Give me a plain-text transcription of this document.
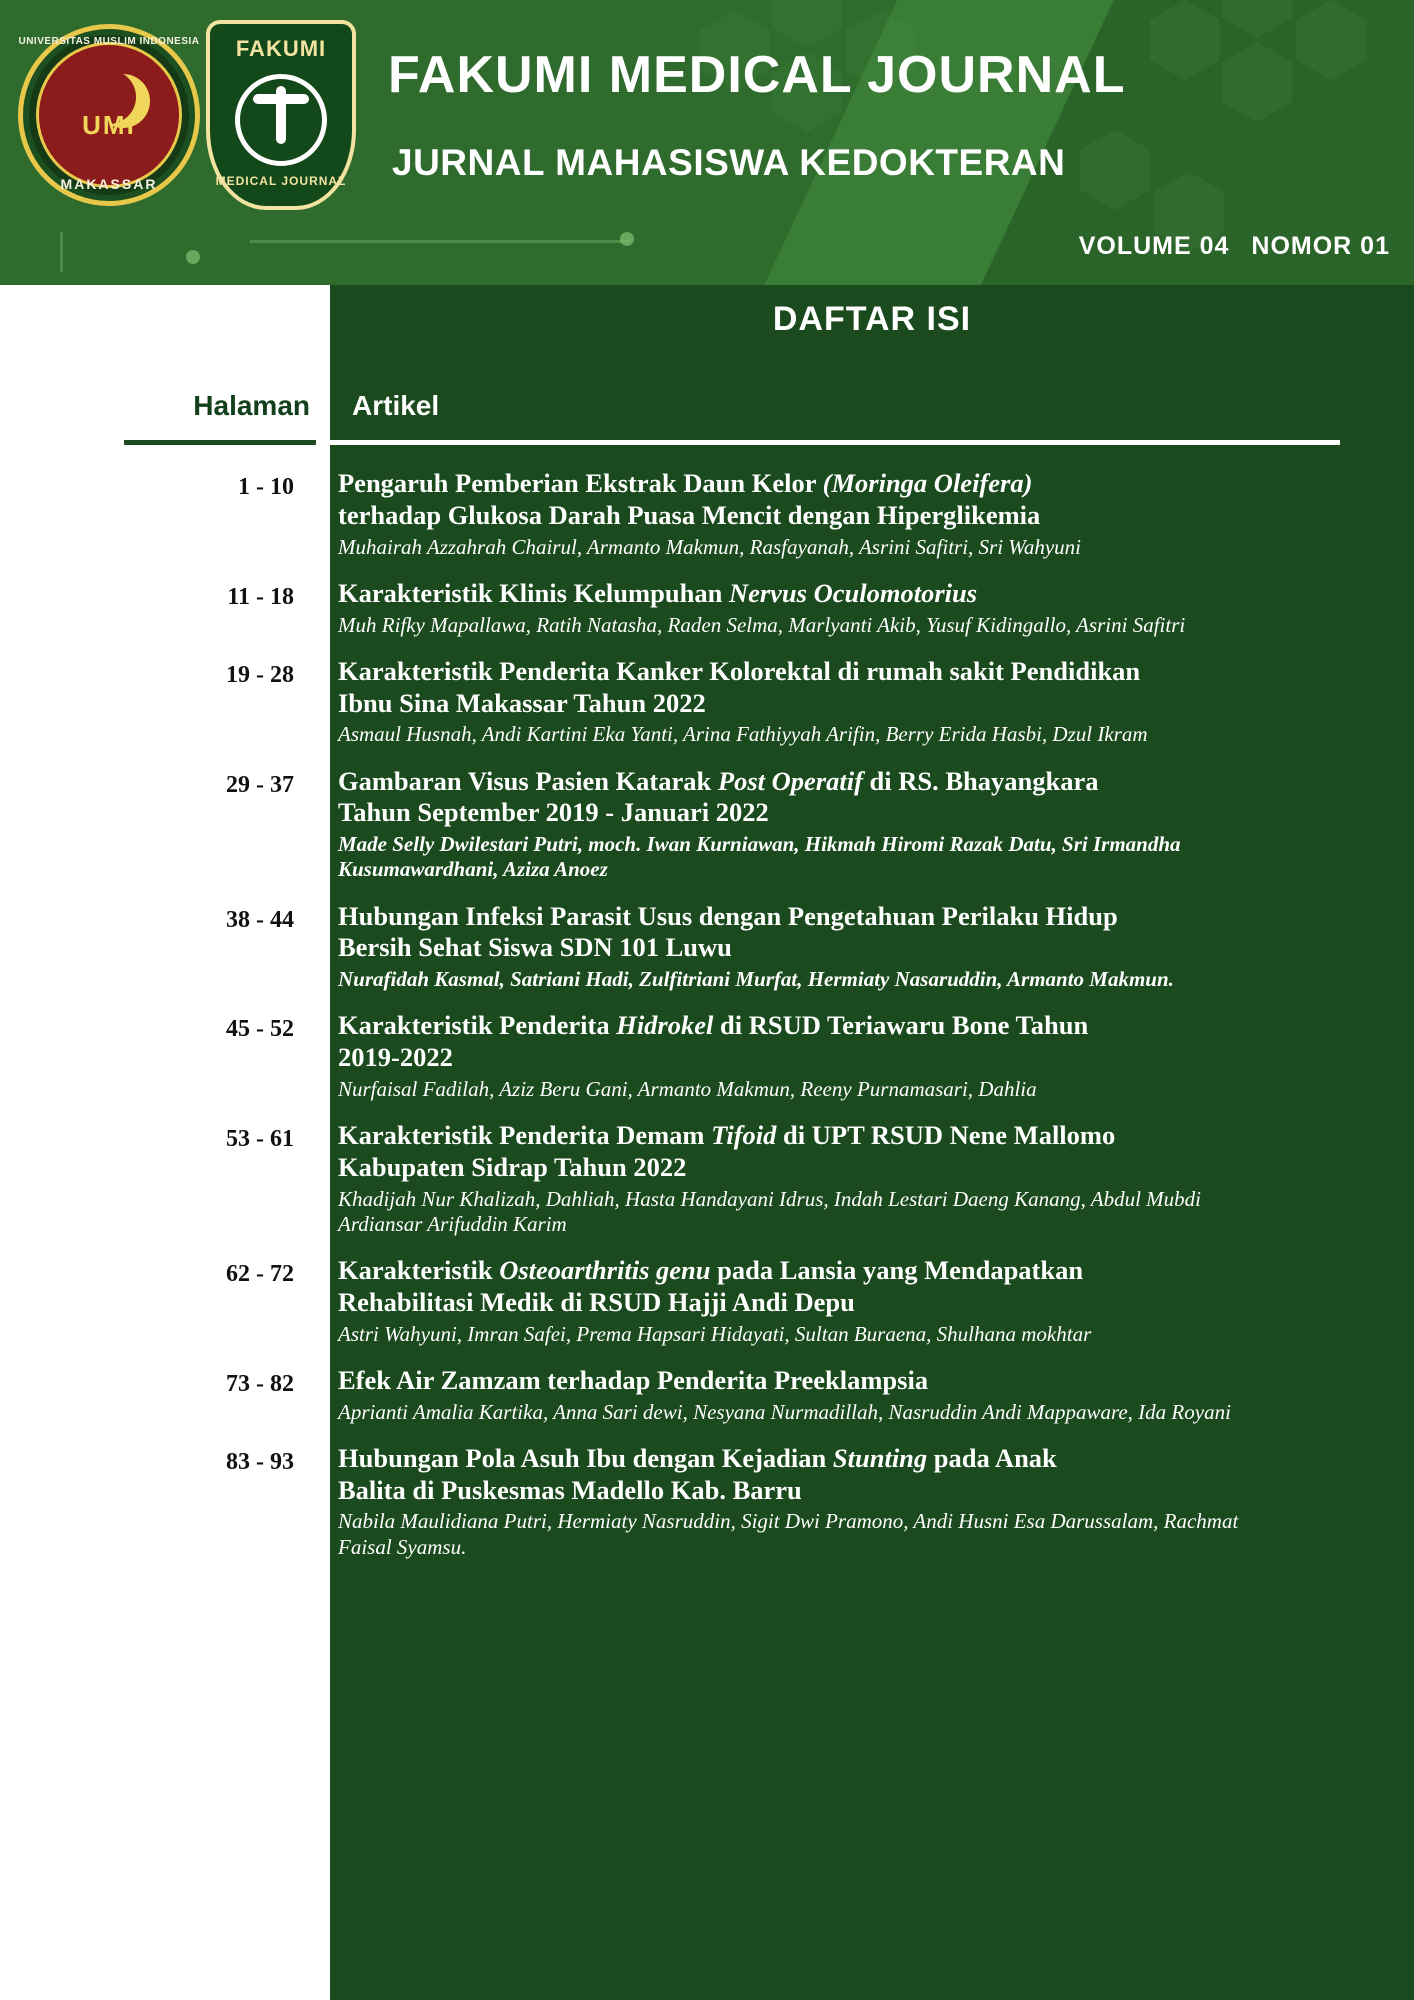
UNIVERSITAS MUSLIM INDONESIA
UMI
MAKASSAR
FAKUMI
MEDICAL JOURNAL
FAKUMI MEDICAL JOURNAL
JURNAL MAHASISWA KEDOKTERAN
VOLUME 04 NOMOR 01
DAFTAR ISI
Halaman Artikel
1 - 10	Pengaruh Pemberian Ekstrak Daun Kelor (Moringa Oleifera)
terhadap Glukosa Darah Puasa Mencit dengan Hiperglikemia
Muhairah Azzahrah Chairul, Armanto Makmun, Rasfayanah, Asrini Safitri, Sri Wahyuni
11 - 18	Karakteristik Klinis Kelumpuhan Nervus Oculomotorius
Muh Rifky Mapallawa, Ratih Natasha, Raden Selma, Marlyanti Akib, Yusuf Kidingallo, Asrini Safitri
19 - 28	Karakteristik Penderita Kanker Kolorektal di rumah sakit Pendidikan
Ibnu Sina Makassar Tahun 2022
Asmaul Husnah, Andi Kartini Eka Yanti, Arina Fathiyyah Arifin, Berry Erida Hasbi, Dzul Ikram
29 - 37	Gambaran Visus Pasien Katarak Post Operatif di RS. Bhayangkara
Tahun September 2019 - Januari 2022
Made Selly Dwilestari Putri, moch. Iwan Kurniawan, Hikmah Hiromi Razak Datu, Sri Irmandha Kusumawardhani, Aziza Anoez
38 - 44	Hubungan Infeksi Parasit Usus dengan Pengetahuan Perilaku Hidup
Bersih Sehat Siswa SDN 101 Luwu
Nurafidah Kasmal, Satriani Hadi, Zulfitriani Murfat, Hermiaty Nasaruddin, Armanto Makmun.
45 - 52	Karakteristik Penderita Hidrokel di RSUD Teriawaru Bone Tahun
2019-2022
Nurfaisal Fadilah, Aziz Beru Gani, Armanto Makmun, Reeny Purnamasari, Dahlia
53 - 61	Karakteristik Penderita Demam Tifoid di UPT RSUD Nene Mallomo
Kabupaten Sidrap Tahun 2022
Khadijah Nur Khalizah, Dahliah, Hasta Handayani Idrus, Indah Lestari Daeng Kanang, Abdul Mubdi Ardiansar Arifuddin Karim
62 - 72	Karakteristik Osteoarthritis genu pada Lansia yang Mendapatkan
Rehabilitasi Medik di RSUD Hajji Andi Depu
Astri Wahyuni, Imran Safei, Prema Hapsari Hidayati, Sultan Buraena, Shulhana mokhtar
73 - 82	Efek Air Zamzam terhadap Penderita Preeklampsia
Aprianti Amalia Kartika, Anna Sari dewi, Nesyana Nurmadillah, Nasruddin Andi Mappaware, Ida Royani
83 - 93	Hubungan Pola Asuh Ibu dengan Kejadian Stunting pada Anak
Balita di Puskesmas Madello Kab. Barru
Nabila Maulidiana Putri, Hermiaty Nasruddin, Sigit Dwi Pramono, Andi Husni Esa Darussalam, Rachmat Faisal Syamsu.
